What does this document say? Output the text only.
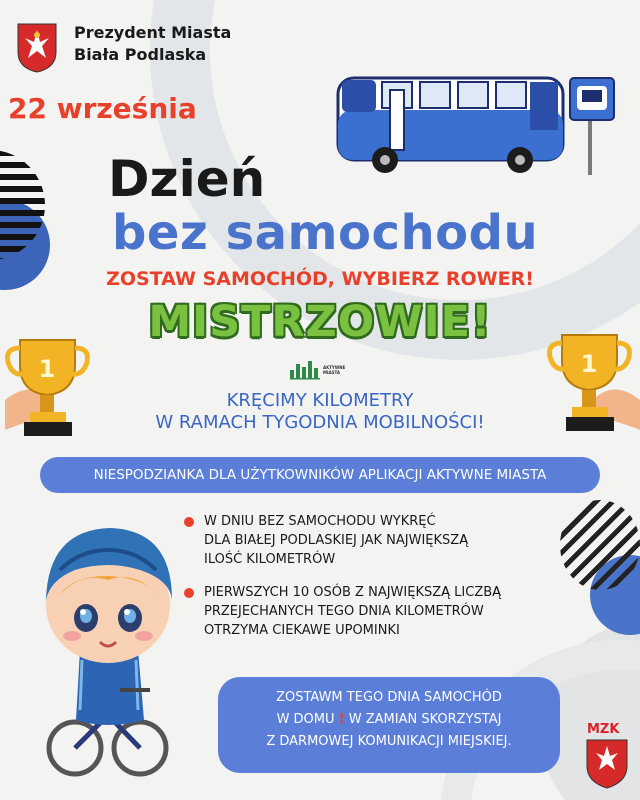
Prezydent Miasta
Biała Podlaska
22 września
Dzień
bez samochodu
ZOSTAW SAMOCHÓD, WYBIERZ ROWER!
MISTRZOWIE!
1	1
AKTYWNE
MIASTA
KRĘCIMY KILOMETRY
W RAMACH TYGODNIA MOBILNOŚCI!
NIESPODZIANKA DLA UŻYTKOWNIKÓW APLIKACJI AKTYWNE MIASTA
W DNIU BEZ SAMOCHODU WYKRĘĆ
DLA BIAŁEJ PODLASKIEJ JAK NAJWIĘKSZĄ
ILOŚĆ KILOMETRÓW
PIERWSZYCH 10 OSÓB Z NAJWIĘKSZĄ LICZBĄ
PRZEJECHANYCH TEGO DNIA KILOMETRÓW
OTRZYMA CIEKAWE UPOMINKI
ZOSTAWM TEGO DNIA SAMOCHÓD
W DOMU ! W ZAMIAN SKORZYSTAJ
Z DARMOWEJ KOMUNIKACJI MIEJSKIEJ.
MZK
